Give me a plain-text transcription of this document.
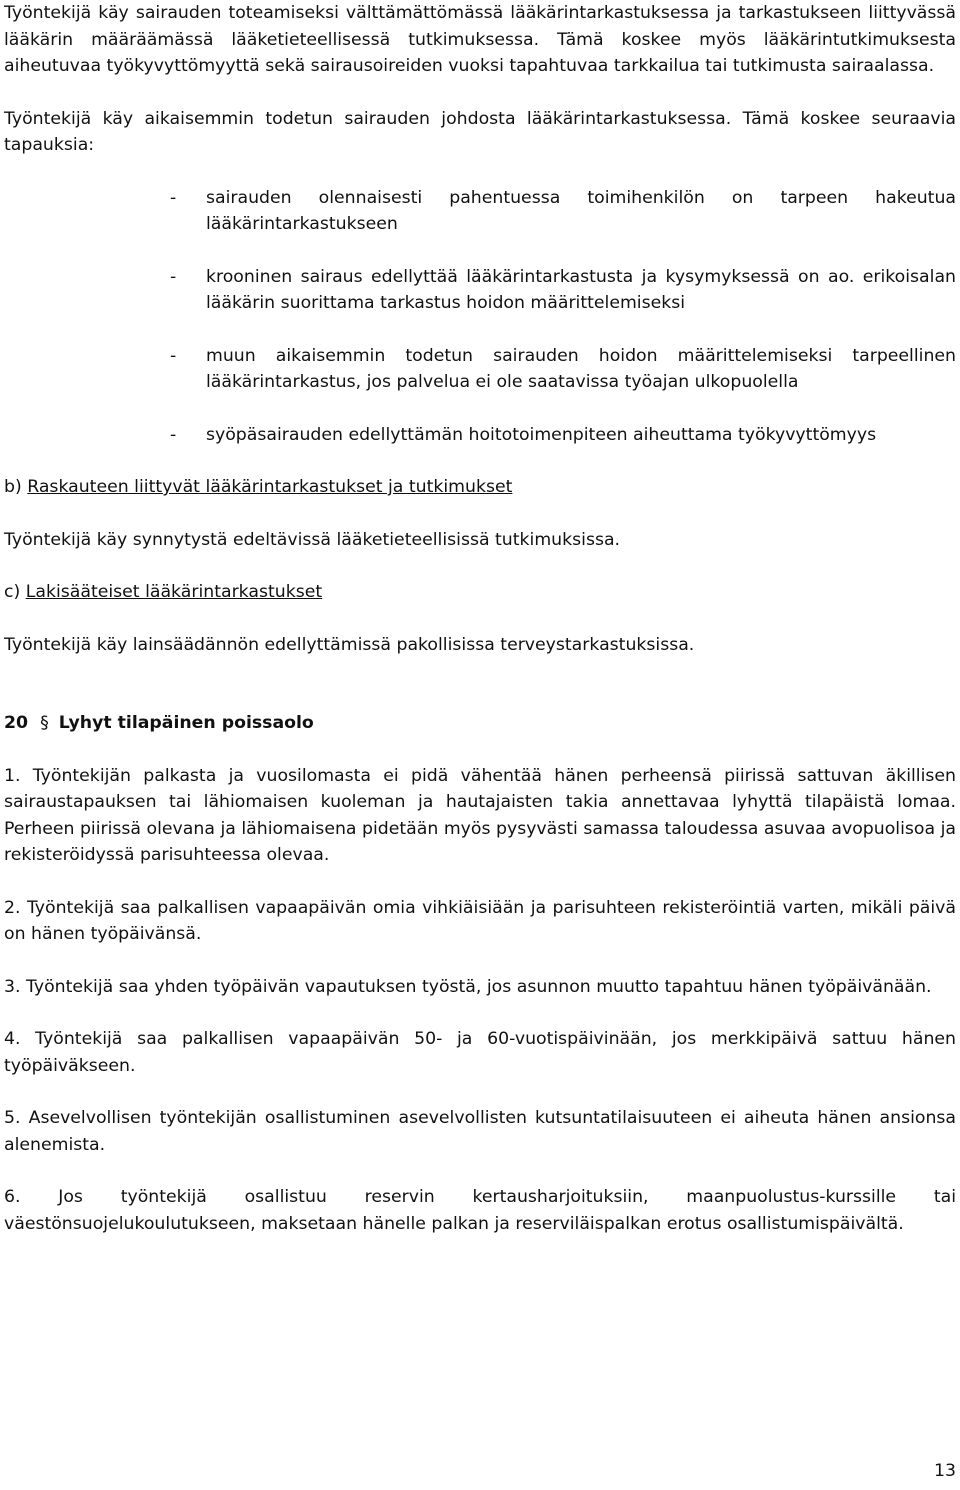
Työntekijä käy sairauden toteamiseksi välttämättömässä lääkärintarkastuksessa ja tarkastukseen liittyvässä lääkärin määräämässä lääketieteellisessä tutkimuksessa. Tämä koskee myös lääkärintutkimuksesta aiheutuvaa työkyvyttömyyttä sekä sairausoireiden vuoksi tapahtuvaa tarkkailua tai tutkimusta sairaalassa.

Työntekijä käy aikaisemmin todetun sairauden johdosta lääkärintarkastuksessa. Tämä koskee seuraavia tapauksia:

- sairauden olennaisesti pahentuessa toimihenkilön on tarpeen hakeutua lääkärintarkastukseen
- krooninen sairaus edellyttää lääkärintarkastusta ja kysymyksessä on ao. erikoisalan lääkärin suorittama tarkastus hoidon määrittelemiseksi
- muun aikaisemmin todetun sairauden hoidon määrittelemiseksi tarpeellinen lääkärintarkastus, jos palvelua ei ole saatavissa työajan ulkopuolella
- syöpäsairauden edellyttämän hoitotoimenpiteen aiheuttama työkyvyttömyys

b) Raskauteen liittyvät lääkärintarkastukset ja tutkimukset

Työntekijä käy synnytystä edeltävissä lääketieteellisissä tutkimuksissa.

c) Lakisääteiset lääkärintarkastukset

Työntekijä käy lainsäädännön edellyttämissä pakollisissa terveystarkastuksissa.

20 § Lyhyt tilapäinen poissaolo

1. Työntekijän palkasta ja vuosilomasta ei pidä vähentää hänen perheensä piirissä sattuvan äkillisen sairaustapauksen tai lähiomaisen kuoleman ja hautajaisten takia annettavaa lyhyttä tilapäistä lomaa. Perheen piirissä olevana ja lähiomaisena pidetään myös pysyvästi samassa taloudessa asuvaa avopuolisoa ja rekisteröidyssä parisuhteessa olevaa.

2. Työntekijä saa palkallisen vapaapäivän omia vihkiäisiään ja parisuhteen rekisteröintiä varten, mikäli päivä on hänen työpäivänsä.

3. Työntekijä saa yhden työpäivän vapautuksen työstä, jos asunnon muutto tapahtuu hänen työpäivänään.

4. Työntekijä saa palkallisen vapaapäivän 50- ja 60-vuotispäivinään, jos merkkipäivä sattuu hänen työpäiväkseen.

5. Asevelvollisen työntekijän osallistuminen asevelvollisten kutsuntatilaisuuteen ei aiheuta hänen ansionsa alenemista.

6. Jos työntekijä osallistuu reservin kertausharjoituksiin, maanpuolustus-kurssille tai väestönsuojelukoulutukseen, maksetaan hänelle palkan ja reserviläispalkan erotus osallistumispäivältä.

13
